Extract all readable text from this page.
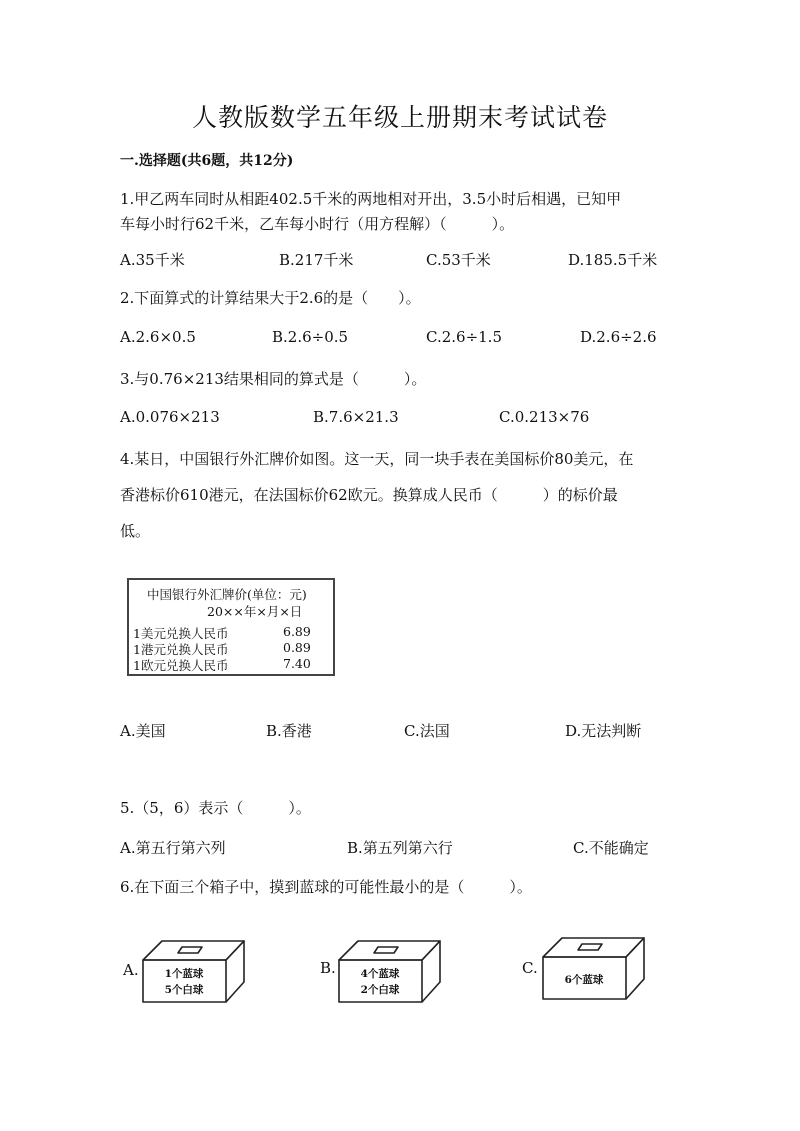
人教版数学五年级上册期末考试试卷
一.选择题(共6题，共12分)
1.甲乙两车同时从相距402.5千米的两地相对开出，3.5小时后相遇，已知甲
车每小时行62千米，乙车每小时行（用方程解）（　　　）。
A.35千米	B.217千米	C.53千米	D.185.5千米
2.下面算式的计算结果大于2.6的是（　　）。
A.2.6×0.5	B.2.6÷0.5	C.2.6÷1.5	D.2.6÷2.6
3.与0.76×213结果相同的算式是（　　　）。
A.0.076×213	B.7.6×21.3	C.0.213×76
4.某日，中国银行外汇牌价如图。这一天，同一块手表在美国标价80美元，在
香港标价610港元，在法国标价62欧元。换算成人民币（　　　）的标价最
低。
中国银行外汇牌价(单位：元)
20××年×月×日
1美元兑换人民币	6.89
1港元兑换人民币	0.89
1欧元兑换人民币	7.40
A.美国	B.香港	C.法国	D.无法判断
5.（5，6）表示（　　　）。
A.第五行第六列	B.第五列第六行	C.不能确定
6.在下面三个箱子中，摸到蓝球的可能性最小的是（　　　）。
A. 1个蓝球
5个白球
B. 4个蓝球
2个白球
C.
6个蓝球
